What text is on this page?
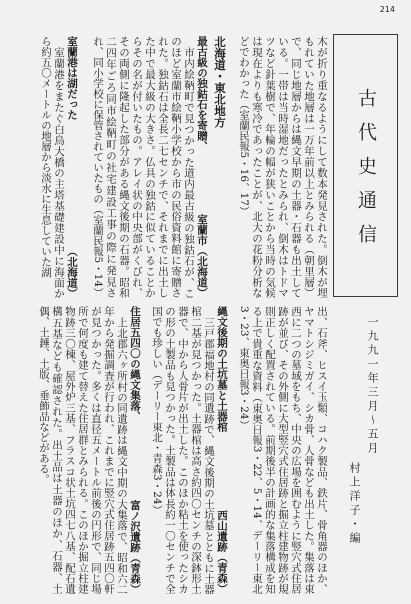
214
古代史通信
一九九一年三月〜五月
村上洋子・編

木が折り重なるようにして数本発見された。倒木が埋もれていた地層は一万年前以上とみられる（朝里層）で、同じ地層からは縄文早期の土器・石器も出土している。一帯は当時湿地だったとみられ、倒木はトドマツなど針葉樹で、年輪の幅が狭いことから当時の気候は現在よりも寒冷であったことが、北大の花粉分析などでわかった（室蘭民報5・16、17）

北海道・東北地方
最古級の独鈷石を寄贈、
室蘭市（北海道）

市内絵鞆町で見つかった道内最古級の独鈷石が、このほど室蘭市絵鞆小学校から市の民俗資料館に寄贈された。独鈷石は全長二七センチで、それまでに出土した中で最大級の大きさ。仏具の独鈷に似ていることからその名が付いたもの。アレイ状の中央部がくびれ、その両側に隆起した部分がある縄文後期の石器。昭和二四年ごろ同市絵鞆町の社宅建設工事の際に発見され、同小学校に保管されていたもの（室蘭民報5・14）

室蘭港は湖だった
（北海道）

室蘭港をまたぐ白鳥大橋の主塔基礎建設中に海面から約五〇メートルの地層から淡水に生息していた湖

出、石斧、ヒスイ玉類、コハク製品、鉄片、骨角器のほか、ヤマトシジミガイ、シカ骨、人骨なども出土した。集落は東西に二つの墓域をもち、中央の広場を囲むように竪穴式住居跡が並び、その外側に大型竪穴式住居跡と掘立柱建物跡が規則正しく配置されている。前期後半の計画的な集落構成を知る上で貴重な資料（東奥日報3・22、5・14、デーリー東北3・23、東奥日報3・24）

縄文後期の土坑墓と土器棺
西山遺跡（青森）

三戸郡福地村の同遺跡で、縄文後期の土坑墓とともに土器棺二基が見つかった。土器棺は高さ約四〇センチの深鉢形土器で、中から人骨片が出土した。このほか粘土を使ったシカの形の土製品も見つかった。土製品は体長約一〇センチで全国でも珍しい（デーリー東北・青森3・24）

住居五四〇の縄文集落、
富ノ沢遺跡（青森）

上北郡六ヶ所村の同遺跡は縄文中期の大集落で、昭和六二年から発掘調査が行われ、これまでに竪穴式住居跡五四〇軒が見つかった。多くは直径五メートル前後の円形で、同じ場所で何度も建て替えた住居群とみられる。このほか掘立柱建物跡三〇棟、屋外炉三基、フラスコ状土坑四七八基、配石遺構五基なども確認された。出土品は土器のほか、石器、土偶、土錘、土版、垂飾品などがある。
